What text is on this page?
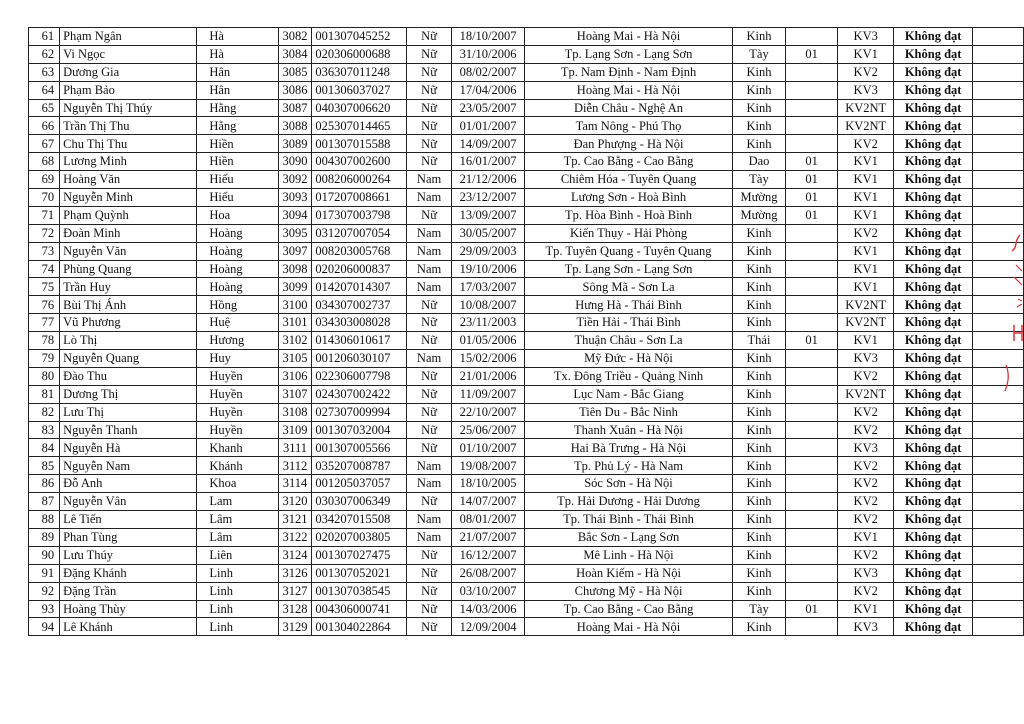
61	Phạm Ngân	Hà	3082	001307045252	Nữ	18/10/2007	Hoàng Mai - Hà Nội	Kinh		KV3	Không đạt	
62	Vi Ngọc	Hà	3084	020306000688	Nữ	31/10/2006	Tp. Lạng Sơn - Lạng Sơn	Tày	01	KV1	Không đạt	
63	Dương Gia	Hân	3085	036307011248	Nữ	08/02/2007	Tp. Nam Định - Nam Định	Kinh		KV2	Không đạt	
64	Phạm Bảo	Hân	3086	001306037027	Nữ	17/04/2006	Hoàng Mai - Hà Nội	Kinh		KV3	Không đạt	
65	Nguyễn Thị Thúy	Hằng	3087	040307006620	Nữ	23/05/2007	Diễn Châu - Nghệ An	Kinh		KV2NT	Không đạt	
66	Trần Thị Thu	Hằng	3088	025307014465	Nữ	01/01/2007	Tam Nông - Phú Thọ	Kinh		KV2NT	Không đạt	
67	Chu Thị Thu	Hiền	3089	001307015588	Nữ	14/09/2007	Đan Phượng - Hà Nội	Kinh		KV2	Không đạt	
68	Lương Minh	Hiền	3090	004307002600	Nữ	16/01/2007	Tp. Cao Bằng - Cao Bằng	Dao	01	KV1	Không đạt	
69	Hoàng Văn	Hiếu	3092	008206000264	Nam	21/12/2006	Chiêm Hóa - Tuyên Quang	Tày	01	KV1	Không đạt	
70	Nguyễn Minh	Hiếu	3093	017207008661	Nam	23/12/2007	Lương Sơn - Hoà Bình	Mường	01	KV1	Không đạt	
71	Phạm Quỳnh	Hoa	3094	017307003798	Nữ	13/09/2007	Tp. Hòa Bình - Hoà Bình	Mường	01	KV1	Không đạt	
72	Đoàn Minh	Hoàng	3095	031207007054	Nam	30/05/2007	Kiến Thụy - Hải Phòng	Kinh		KV2	Không đạt	
73	Nguyễn Văn	Hoàng	3097	008203005768	Nam	29/09/2003	Tp. Tuyên Quang - Tuyên Quang	Kinh		KV1	Không đạt	
74	Phùng Quang	Hoàng	3098	020206000837	Nam	19/10/2006	Tp. Lạng Sơn - Lạng Sơn	Kinh		KV1	Không đạt	
75	Trần Huy	Hoàng	3099	014207014307	Nam	17/03/2007	Sông Mã - Sơn La	Kinh		KV1	Không đạt	
76	Bùi Thị Ánh	Hồng	3100	034307002737	Nữ	10/08/2007	Hưng Hà - Thái Bình	Kinh		KV2NT	Không đạt	
77	Vũ Phương	Huệ	3101	034303008028	Nữ	23/11/2003	Tiền Hải - Thái Bình	Kinh		KV2NT	Không đạt	
78	Lò Thị	Hương	3102	014306010617	Nữ	01/05/2006	Thuận Châu - Sơn La	Thái	01	KV1	Không đạt	
79	Nguyễn Quang	Huy	3105	001206030107	Nam	15/02/2006	Mỹ Đức - Hà Nội	Kinh		KV3	Không đạt	
80	Đào Thu	Huyền	3106	022306007798	Nữ	21/01/2006	Tx. Đông Triều - Quảng Ninh	Kinh		KV2	Không đạt	
81	Dương Thị	Huyền	3107	024307002422	Nữ	11/09/2007	Lục Nam - Bắc Giang	Kinh		KV2NT	Không đạt	
82	Lưu Thị	Huyền	3108	027307009994	Nữ	22/10/2007	Tiên Du - Bắc Ninh	Kinh		KV2	Không đạt	
83	Nguyễn Thanh	Huyền	3109	001307032004	Nữ	25/06/2007	Thanh Xuân - Hà Nội	Kinh		KV2	Không đạt	
84	Nguyễn Hà	Khanh	3111	001307005566	Nữ	01/10/2007	Hai Bà Trưng - Hà Nội	Kinh		KV3	Không đạt	
85	Nguyễn Nam	Khánh	3112	035207008787	Nam	19/08/2007	Tp. Phủ Lý - Hà Nam	Kinh		KV2	Không đạt	
86	Đỗ Anh	Khoa	3114	001205037057	Nam	18/10/2005	Sóc Sơn - Hà Nội	Kinh		KV2	Không đạt	
87	Nguyễn Vân	Lam	3120	030307006349	Nữ	14/07/2007	Tp. Hải Dương - Hải Dương	Kinh		KV2	Không đạt	
88	Lê Tiến	Lâm	3121	034207015508	Nam	08/01/2007	Tp. Thái Bình - Thái Bình	Kinh		KV2	Không đạt	
89	Phan Tùng	Lâm	3122	020207003805	Nam	21/07/2007	Bắc Sơn - Lạng Sơn	Kinh		KV1	Không đạt	
90	Lưu Thúy	Liên	3124	001307027475	Nữ	16/12/2007	Mê Linh - Hà Nội	Kinh		KV2	Không đạt	
91	Đặng Khánh	Linh	3126	001307052021	Nữ	26/08/2007	Hoàn Kiếm - Hà Nội	Kinh		KV3	Không đạt	
92	Đặng Trần	Linh	3127	001307038545	Nữ	03/10/2007	Chương Mỹ - Hà Nội	Kinh		KV2	Không đạt	
93	Hoàng Thùy	Linh	3128	004306000741	Nữ	14/03/2006	Tp. Cao Bằng - Cao Bằng	Tày	01	KV1	Không đạt	
94	Lê Khánh	Linh	3129	001304022864	Nữ	12/09/2004	Hoàng Mai - Hà Nội	Kinh		KV3	Không đạt	
